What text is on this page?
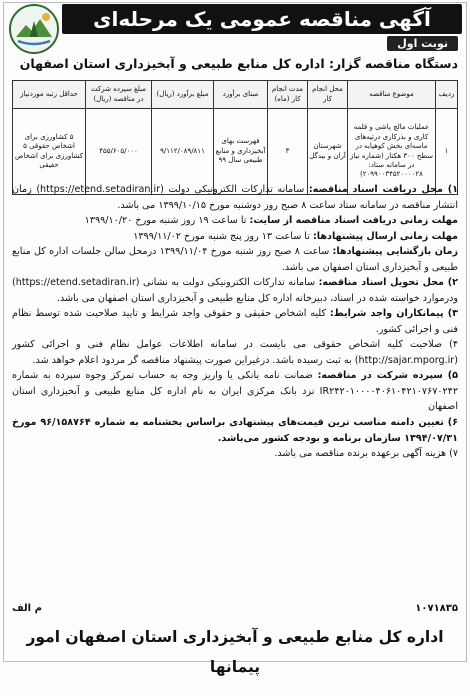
آگهی مناقصه عمومی یک مرحله‌ای
نوبت اول
دستگاه مناقصه گزار: اداره کل منابع طبیعی و آبخیزداری استان اصفهان
ردیف	موضوع مناقصه	محل انجام کار	مدت انجام کار (ماه)	مبنای برآورد	مبلغ برآورد (ریال)	مبلغ سپرده شرکت در مناقصه (ریال)	حداقل رتبه موردنیاز
۱	عملیات مالچ پاشی و قلمه کاری و بذرکاری درتپه‌های ماسه‌ای بخش کوهپایه در سطح ۳۰۰ هکتار (شماره نیاز در سامانه ستاد: ۲۰۹۹۰۰۳۴۵۲۰۰۰۰۲۸)	شهرستان آران و بیدگل	۳	فهرست بهای آبخیزداری و منابع طبیعی سال ۹۹	۹/۱۱۲/۰۸۹/۸۱۱	۴۵۵/۶۰۵/۰۰۰	۵ کشاورزی برای اشخاص حقوقی ۵ کشاورزی برای اشخاص حقیقی

۱) محل دریافت اسناد مناقصه: سامانه تدارکات الکترونیکی دولت (https://etend.setadiran.ir) زمان انتشار مناقصه در سامانه ستاد ساعت ۸ صبح روز دوشنبه مورخ ۱۳۹۹/۱۰/۱۵ می باشد.

مهلت زمانی دریافت اسناد مناقصه از سایت: تا ساعت ۱۹ روز شنبه مورخ ۱۳۹۹/۱۰/۲۰

مهلت زمانی ارسال پیشنهادها: تا ساعت ۱۳ روز پنج شنبه مورخ ۱۳۹۹/۱۱/۰۲

زمان بازگشایی پیشنهادها: ساعت ۸ صبح روز شنبه مورخ ۱۳۹۹/۱۱/۰۴ درمحل سالن جلسات اداره کل منابع طبیعی و آبخیزداری استان اصفهان می باشد.

۲) محل تحویل اسناد مناقصه: سامانه تدارکات الکترونیکی دولت به نشانی (https://etend.setadiran.ir) ودرموارد خواسته شده در اسناد، دبیرخانه اداره کل منابع طبیعی و آبخیزداری استان اصفهان می باشد.

۳) پیمانکاران واجد شرایط: کلیه اشخاص حقیقی و حقوقی واجد شرایط و تایید صلاحیت شده توسط نظام فنی و اجرائی کشور.

۴) صلاحیت کلیه اشخاص حقوقی می بایست در سامانه اطلاعات عوامل نظام فنی و اجرائی کشور (http://sajar.mporg.ir) به ثبت رسیده باشد. درغیراین صورت پیشنهاد مناقصه گر مردود اعلام خواهد شد.

۵) سپرده شرکت در مناقصه: ضمانت نامه بانکی یا واریز وجه به حساب تمرکز وجوه سپرده به شماره IR۲۴۲۰۱۰۰۰۰۴۰۶۱۰۴۲۱۰۷۶۷۰۲۴۲ نزد بانک مرکزی ایران به نام اداره کل منابع طبیعی و آبخیزداری استان اصفهان

۶) تعیین دامنه مناسب ترین قیمت‌های پیشنهادی براساس بخشنامه به شماره ۹۶/۱۵۸۷۶۴ مورخ ۱۳۹۴/۰۷/۳۱ سازمان برنامه و بودجه کشور می‌باشد.

۷) هزینه آگهی برعهده برنده مناقصه می باشد.

۱۰۷۱۸۳۵
م الف
اداره کل منابع طبیعی و آبخیزداری استان اصفهان امور پیمانها
